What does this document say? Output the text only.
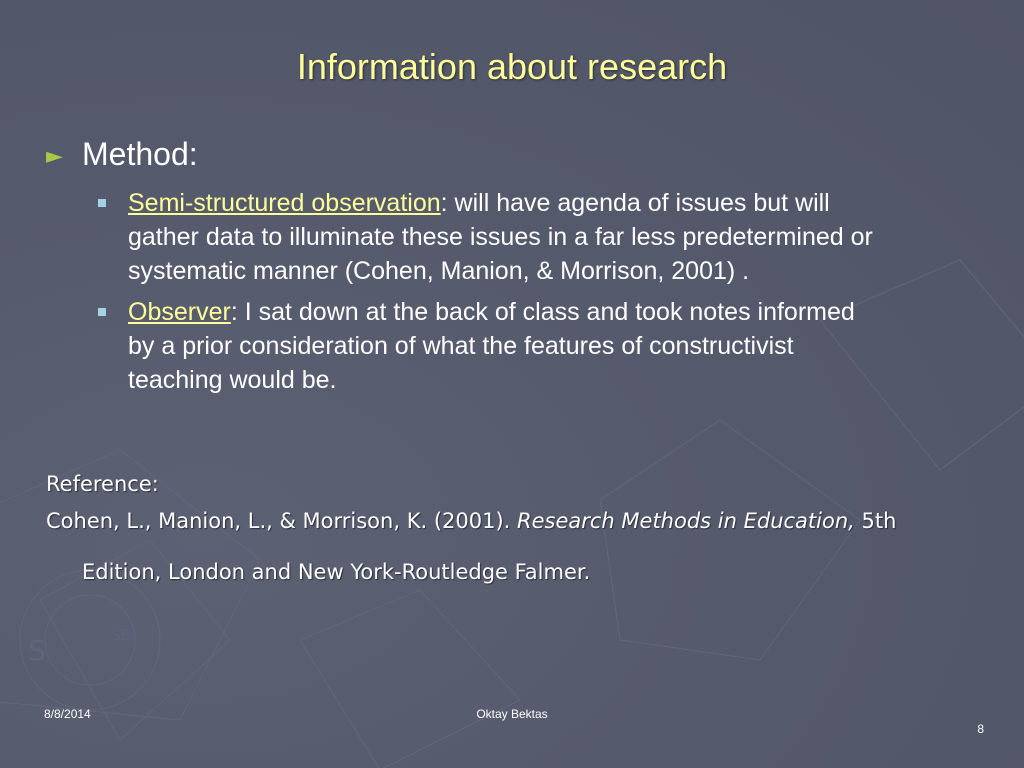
S	SE
Information about research
► Method:
Semi-structured observation: will have agenda of issues but will
gather data to illuminate these issues in a far less predetermined or
systematic manner (Cohen, Manion, & Morrison, 2001) .
Observer: I sat down at the back of class and took notes informed
by a prior consideration of what the features of constructivist
teaching would be.
Reference:
Cohen, L., Manion, L., & Morrison, K. (2001). Research Methods in Education, 5th
Edition, London and New York-Routledge Falmer.
8/8/2014	Oktay Bektas
8
